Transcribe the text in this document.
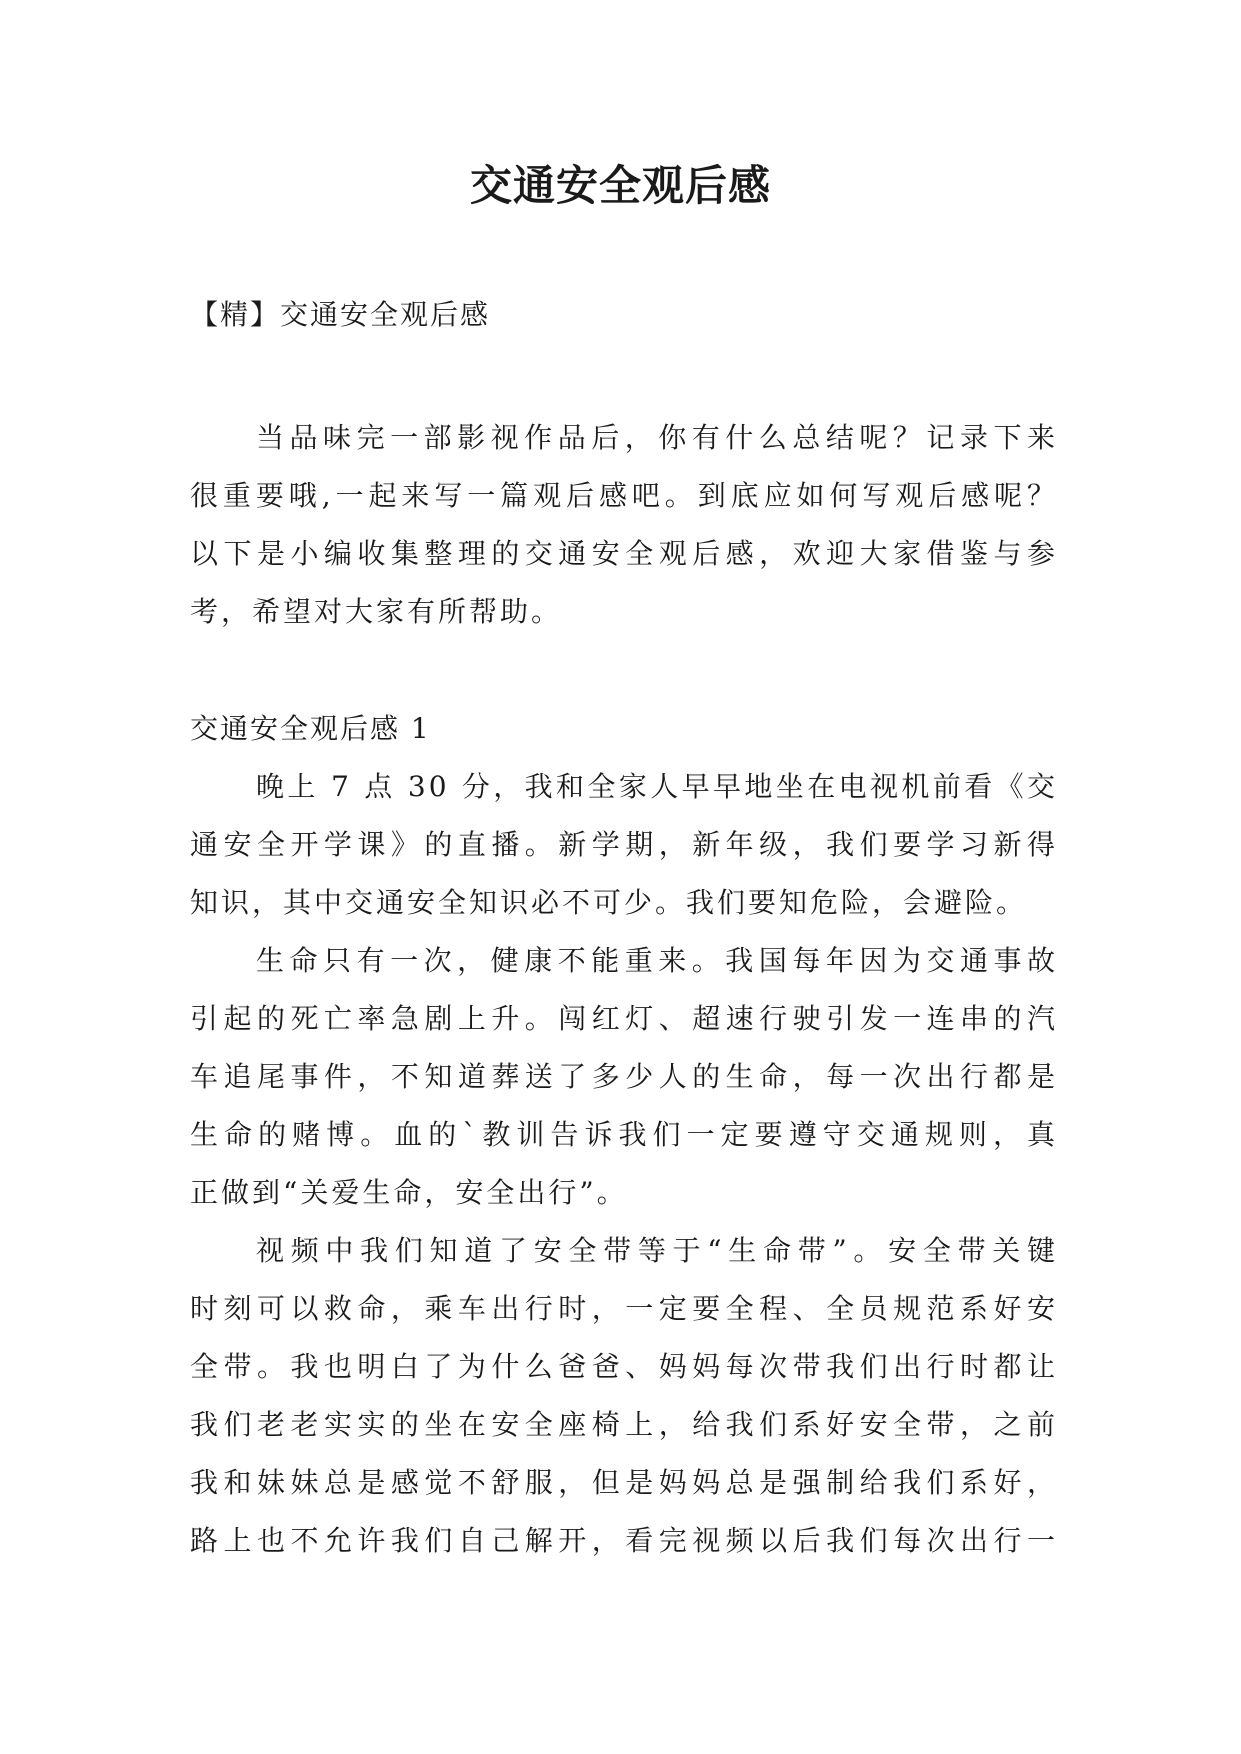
交通安全观后感

【精】交通安全观后感

当品味完一部影视作品后，你有什么总结呢？记录下来
很重要哦,一起来写一篇观后感吧。到底应如何写观后感呢？
以下是小编收集整理的交通安全观后感，欢迎大家借鉴与参
考，希望对大家有所帮助。

交通安全观后感 1

晚上 7 点 30 分，我和全家人早早地坐在电视机前看《交
通安全开学课》的直播。新学期，新年级，我们要学习新得
知识，其中交通安全知识必不可少。我们要知危险，会避险。
生命只有一次，健康不能重来。我国每年因为交通事故
引起的死亡率急剧上升。闯红灯、超速行驶引发一连串的汽
车追尾事件，不知道葬送了多少人的生命，每一次出行都是
生命的赌博。血的`教训告诉我们一定要遵守交通规则，真
正做到“关爱生命，安全出行”。
视频中我们知道了安全带等于“生命带”。安全带关键
时刻可以救命，乘车出行时，一定要全程、全员规范系好安
全带。我也明白了为什么爸爸、妈妈每次带我们出行时都让
我们老老实实的坐在安全座椅上，给我们系好安全带，之前
我和妹妹总是感觉不舒服，但是妈妈总是强制给我们系好，
路上也不允许我们自己解开，看完视频以后我们每次出行一
